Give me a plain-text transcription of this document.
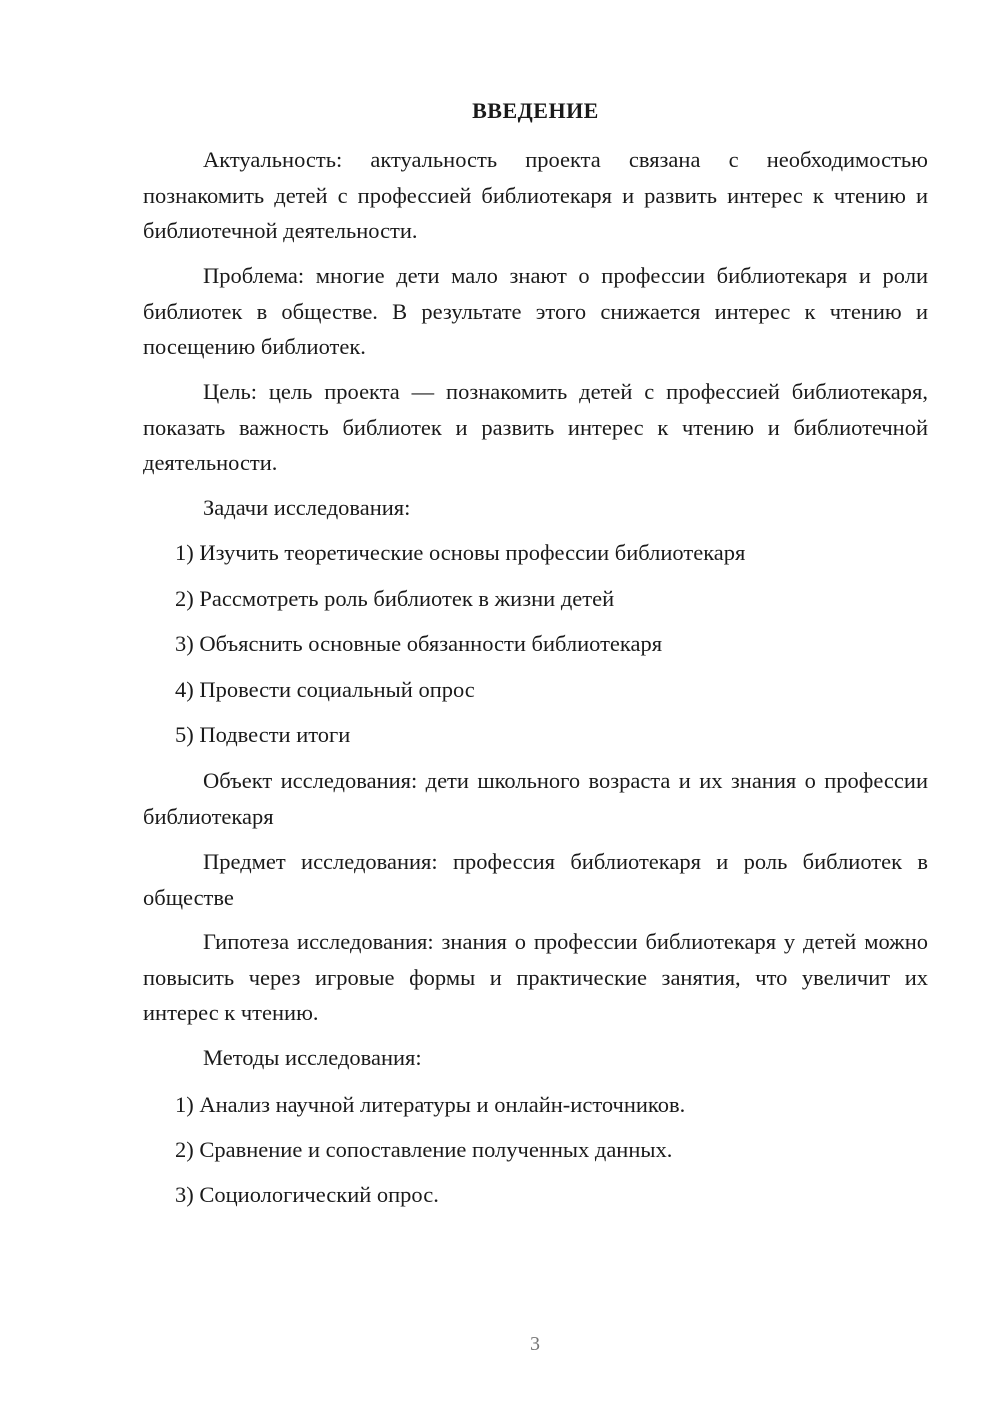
ВВЕДЕНИЕ

Актуальность: актуальность проекта связана с необходимостью познакомить детей с профессией библиотекаря и развить интерес к чтению и библиотечной деятельности.

Проблема: многие дети мало знают о профессии библиотекаря и роли библиотек в обществе. В результате этого снижается интерес к чтению и посещению библиотек.

Цель: цель проекта — познакомить детей с профессией библиотекаря, показать важность библиотек и развить интерес к чтению и библиотечной деятельности.

Задачи исследования:

1) Изучить теоретические основы профессии библиотекаря

2) Рассмотреть роль библиотек в жизни детей

3) Объяснить основные обязанности библиотекаря

4) Провести социальный опрос

5) Подвести итоги

Объект исследования: дети школьного возраста и их знания о профессии библиотекаря

Предмет исследования: профессия библиотекаря и роль библиотек в обществе

Гипотеза исследования: знания о профессии библиотекаря у детей можно повысить через игровые формы и практические занятия, что увеличит их интерес к чтению.

Методы исследования:

1) Анализ научной литературы и онлайн-источников.

2) Сравнение и сопоставление полученных данных.

3) Социологический опрос.

3
